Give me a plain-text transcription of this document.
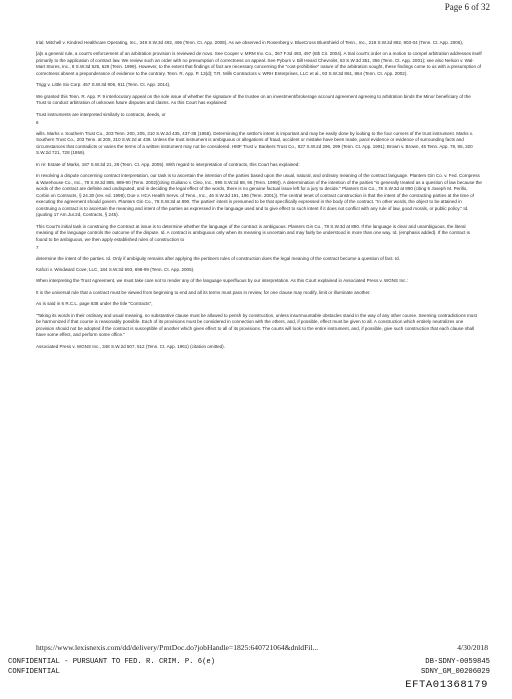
Page 6 of 32

trial. Mitchell v. Kindred Healthcare Operating, Inc., 349 S.W.3d 492, 496 (Tenn. Ct. App. 2008). As we observed in Rosenberg v. BlueCross BlueShield of Tenn., Inc., 219 S.W.3d 892, 903-04 (Tenn. Ct. App. 2006),

[a]s a general rule, a court's enforcement of an arbitration provision is reviewed de novo. See Cooper v. MRM Inv. Co., 367 F.3d 493, 497 (6th Cir. 2004). A trial court's order on a motion to compel arbitration addresses itself primarily to the application of contract law. We review such an order with no presumption of correctness on appeal. See Pyburn v. Bill Heard Chevrolet, 63 S.W.3d 351, 356 (Tenn. Ct. App. 2001); see also Nelson v. Wal-Mart Stores, Inc., 8 S.W.3d 625, 629 (Tenn. 1999). However, to the extent that findings of fact are necessary concerning the "cost-prohibitive" nature of the arbitration sought, these findings come to us with a presumption of correctness absent a preponderance of evidence to the contrary. Tenn. R. App. P. 13(d); T.R. Mills Contractors v. WRH Enterprises, LLC et al., 93 S.W.3d 861, 864 (Tenn. Ct. App. 2002).

Trigg v. Little Six Corp. 457 S.W.3d 906, 911 (Tenn. Ct. App. 2014).

We granted this Tenn. R. App. P. 9 interlocutory appeal on the sole issue of whether the signature of the trustee on an investment/brokerage account agreement agreeing to arbitration binds the Minor beneficiary of the Trust to conduct arbitration of unknown future disputes and claims. As this Court has explained:

Trust instruments are interpreted similarly to contracts, deeds, or

6

wills. Marks v. Southern Trust Co., 203 Tenn. 200, 205, 310 S.W.2d 435, 437-38 (1958). Determining the settlor's intent is important and may be easily done by looking to the four corners of the trust instrument. Marks v. Southern Trust Co., 203 Tenn. at 205, 310 S.W.2d at 438. Unless the trust instrument is ambiguous or allegations of fraud, accident or mistake have been made, parol evidence or evidence of surrounding facts and circumstances that contradicts or varies the terms of a written instrument may not be considered. HMF Trust v. Bankers Trust Co., 827 S.W.2d 296, 299 (Tenn. Ct. App. 1991); Brown v. Brown, 45 Tenn. App. 78, 95, 320 S.W.2d 721, 728 (1959).

In re: Estate of Marks, 187 S.W.3d 21, 28 (Tenn. Ct. App. 2005). With regard to interpretation of contracts, this Court has explained:

In resolving a dispute concerning contract interpretation, our task is to ascertain the intention of the parties based upon the usual, natural, and ordinary meaning of the contract language. Planters Gin Co. v. Fed. Compress & Warehouse Co., Inc., 78 S.W.3d 885, 889-90 (Tenn. 2002)(citing Guiliano v. Cleo, Inc., 995 S.W.2d 88, 95 (Tenn. 1999)). A determination of the intention of the parties "is generally treated as a question of law because the words of the contract are definite and undisputed, and in deciding the legal effect of the words, there is no genuine factual issue left for a jury to decide." Planters Gin Co., 78 S.W.3d at 890 (citing 5 Joseph M. Perillo, Corbin on Contracts, § 24.30 (rev. ed. 1998); Doe v. HCA Health Servs. of Tenn., Inc., 46 S.W.3d 191, 196 (Tenn. 2001)). The central tenet of contract construction is that the intent of the contracting parties at the time of executing the agreement should govern. Planters Gin Co., 78 S.W.3d at 890. The parties' intent is presumed to be that specifically expressed in the body of the contract. "In other words, the object to be attained in construing a contract is to ascertain the meaning and intent of the parties as expressed in the language used and to give effect to such intent if it does not conflict with any rule of law, good morals, or public policy." Id. (quoting 17 Am.Jur.2d, Contracts, § 245).

This Court's initial task in construing the Contract at issue is to determine whether the language of the contract is ambiguous. Planters Gin Co., 78 S.W.3d at 890. If the language is clear and unambiguous, the literal meaning of the language controls the outcome of the dispute. Id. A contract is ambiguous only when its meaning is uncertain and may fairly be understood in more than one way. Id. (emphasis added). If the contract is found to be ambiguous, we then apply established rules of construction to

7

determine the intent of the parties. Id. Only if ambiguity remains after applying the pertinent rules of construction does the legal meaning of the contract become a question of fact. Id.

Kafozi v. Windward Cove, LLC, 184 S.W.3d 693, 698-99 (Tenn. Ct. App. 2005).

When interpreting the Trust Agreement, we must take care not to render any of the language superfluous by our interpretation. As this Court explained in Associated Press v. WGNS Inc.:

It is the universal rule that a contract must be viewed from beginning to end and all its terms must pass in review, for one clause may modify, limit or illuminate another.

As is said in 6 R.C.L. page 838 under the title "Contracts",

"Taking its words in their ordinary and usual meaning, no substantive clause must be allowed to perish by construction, unless insurmountable obstacles stand in the way of any other course. Seeming contradictions must be harmonized if that course is reasonably possible. Each of its provisions must be considered in connection with the others, and, if possible, effect must be given to all. A construction which entirely neutralizes one provision should not be adopted if the contract is susceptible of another which gives effect to all of its provisions. The courts will look to the entire instrument, and, if possible, give such construction that each clause shall have some effect, and perform some office."

Associated Press v. WGNS Inc., 348 S.W.2d 507, 512 (Tenn. Ct. App. 1961) (citation omitted).

https://www.lexisnexis.com/dd/delivery/PrntDoc.do?jobHandle=1825:640721064&dnldFil...	4/30/2018
CONFIDENTIAL - PURSUANT TO FED. R. CRIM. P. 6(e)	DB-SDNY-0059845
CONFIDENTIAL	SDNY_GM_00206029
EFTA01368179
